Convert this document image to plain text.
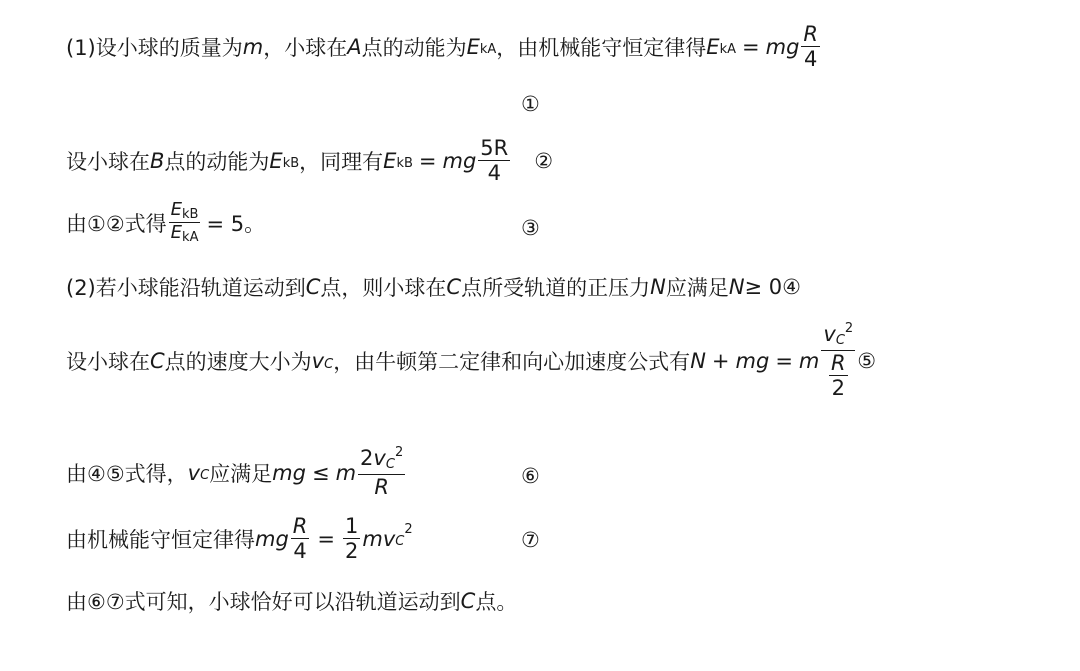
(1)设小球的质量为 m ，小球在 A 点的动能为 E kA ，由机械能守恒定律得 E kA = mg $\frac{R}{4}$
①
设小球在 B 点的动能为 E kB ，同理有 E kB = mg $\frac{5R}{4}$ ②
由①②式得 $\frac{\text{EkB}}{\text{EkA}} = 5$。	③
(2)若小球能沿轨道运动到 C 点，则小球在 C 点所受轨道的正压力 N 应满足 N ≥ 0④
设小球在 C 点的速度大小为 v C ，由牛顿第二定律和向心加速度公式有 N + mg = m $\frac{vC^2}{\frac{R}{2}}$ ⑤
由④⑤式得， v C 应满足 mg ≤ m $\frac{2vC^2}{R}$	⑥
由机械能守恒定律得 mg $\frac{R}{4} = \frac{1}{2}$ mv C
2	⑦
由⑥⑦式可知，小球恰好可以沿轨道运动到 C 点。
